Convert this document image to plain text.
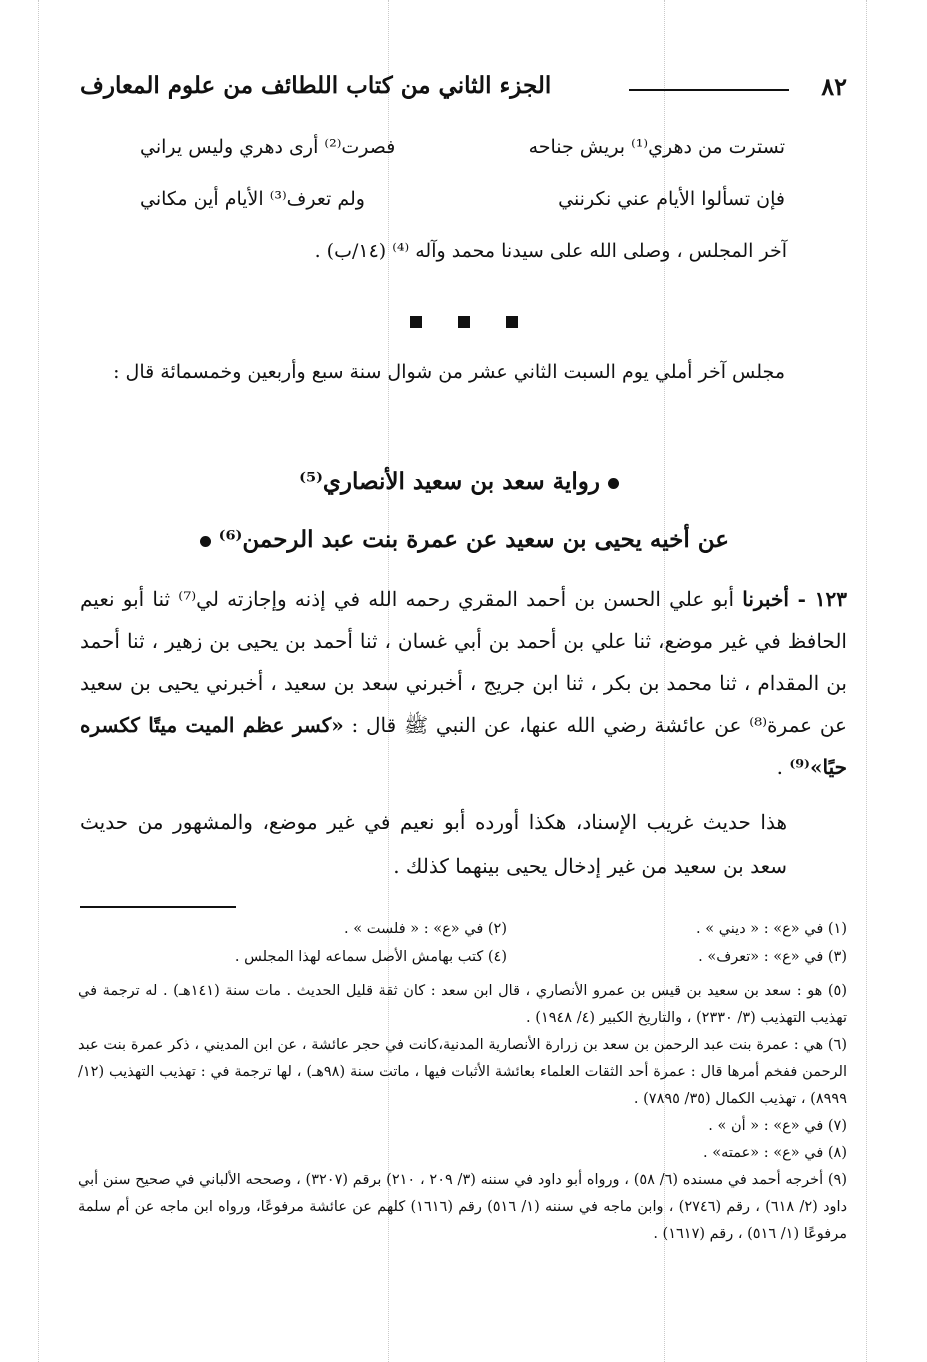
٨٢
الجزء الثاني من كتاب اللطائف من علوم المعارف
تسترت من دهري⁽¹⁾ بريش جناحه
فصرت⁽²⁾ أرى دهري وليس يراني
فإن تسألوا الأيام عني نكرنني
ولم تعرف⁽³⁾ الأيام أين مكاني
آخر المجلس ، وصلى الله على سيدنا محمد وآله ⁽⁴⁾ (١٤/ب) .
مجلس آخر أملي يوم السبت الثاني عشر من شوال سنة سبع وأربعين وخمسمائة قال :
رواية سعد بن سعيد الأنصاري⁽⁵⁾
عن أخيه يحيى بن سعيد عن عمرة بنت عبد الرحمن⁽⁶⁾

١٢٣ - أخبرنا أبو علي الحسن بن أحمد المقري رحمه الله في إذنه وإجازته لي⁽⁷⁾ ثنا أبو نعيم الحافظ في غير موضع، ثنا علي بن أحمد بن أبي غسان ، ثنا أحمد بن يحيى بن زهير ، ثنا أحمد بن المقدام ، ثنا محمد بن بكر ، ثنا ابن جريج ، أخبرني سعد بن سعيد ، أخبرني يحيى بن سعيد عن عمرة⁽⁸⁾ عن عائشة رضي الله عنها، عن النبي ﷺ قال : «كسر عظم الميت ميتًا ككسره حيًا»⁽⁹⁾ .

هذا حديث غريب الإسناد، هكذا أورده أبو نعيم في غير موضع، والمشهور من حديث سعد بن سعيد من غير إدخال يحيى بينهما كذلك .

(١) في «ع» : « ديني » .
(٢) في «ع» : « فلست » .
(٣) في «ع» : «تعرف» .
(٤) كتب بهامش الأصل سماعه لهذا المجلس .

(٥) هو : سعد بن سعيد بن قيس بن عمرو الأنصاري ، قال ابن سعد : كان ثقة قليل الحديث . مات سنة (١٤١هـ) . له ترجمة في تهذيب التهذيب (٣/ ٢٣٣٠) ، والتاريخ الكبير (٤/ ١٩٤٨) .

(٦) هي : عمرة بنت عبد الرحمن بن سعد بن زرارة الأنصارية المدنية،كانت في حجر عائشة ، عن ابن المديني ، ذكر عمرة بنت عبد الرحمن ففخم أمرها قال : عمرة أحد الثقات العلماء بعائشة الأثبات فيها ، ماتت سنة (٩٨هـ) ، لها ترجمة في : تهذيب التهذيب (١٢/ ٨٩٩٩) ، تهذيب الكمال (٣٥/ ٧٨٩٥) .

(٧) في «ع» : « أن » .

(٨) في «ع» : «عمته» .

(٩) أخرجه أحمد في مسنده (٦/ ٥٨) ، ورواه أبو داود في سننه (٣/ ٢٠٩ ، ٢١٠) برقم (٣٢٠٧) ، وصححه الألباني في صحيح سنن أبي داود (٢/ ٦١٨) ، رقم (٢٧٤٦) ، وابن ماجه في سننه (١/ ٥١٦) رقم (١٦١٦) كلهم عن عائشة مرفوعًا، ورواه ابن ماجه عن أم سلمة مرفوعًا (١/ ٥١٦) ، رقم (١٦١٧) .
